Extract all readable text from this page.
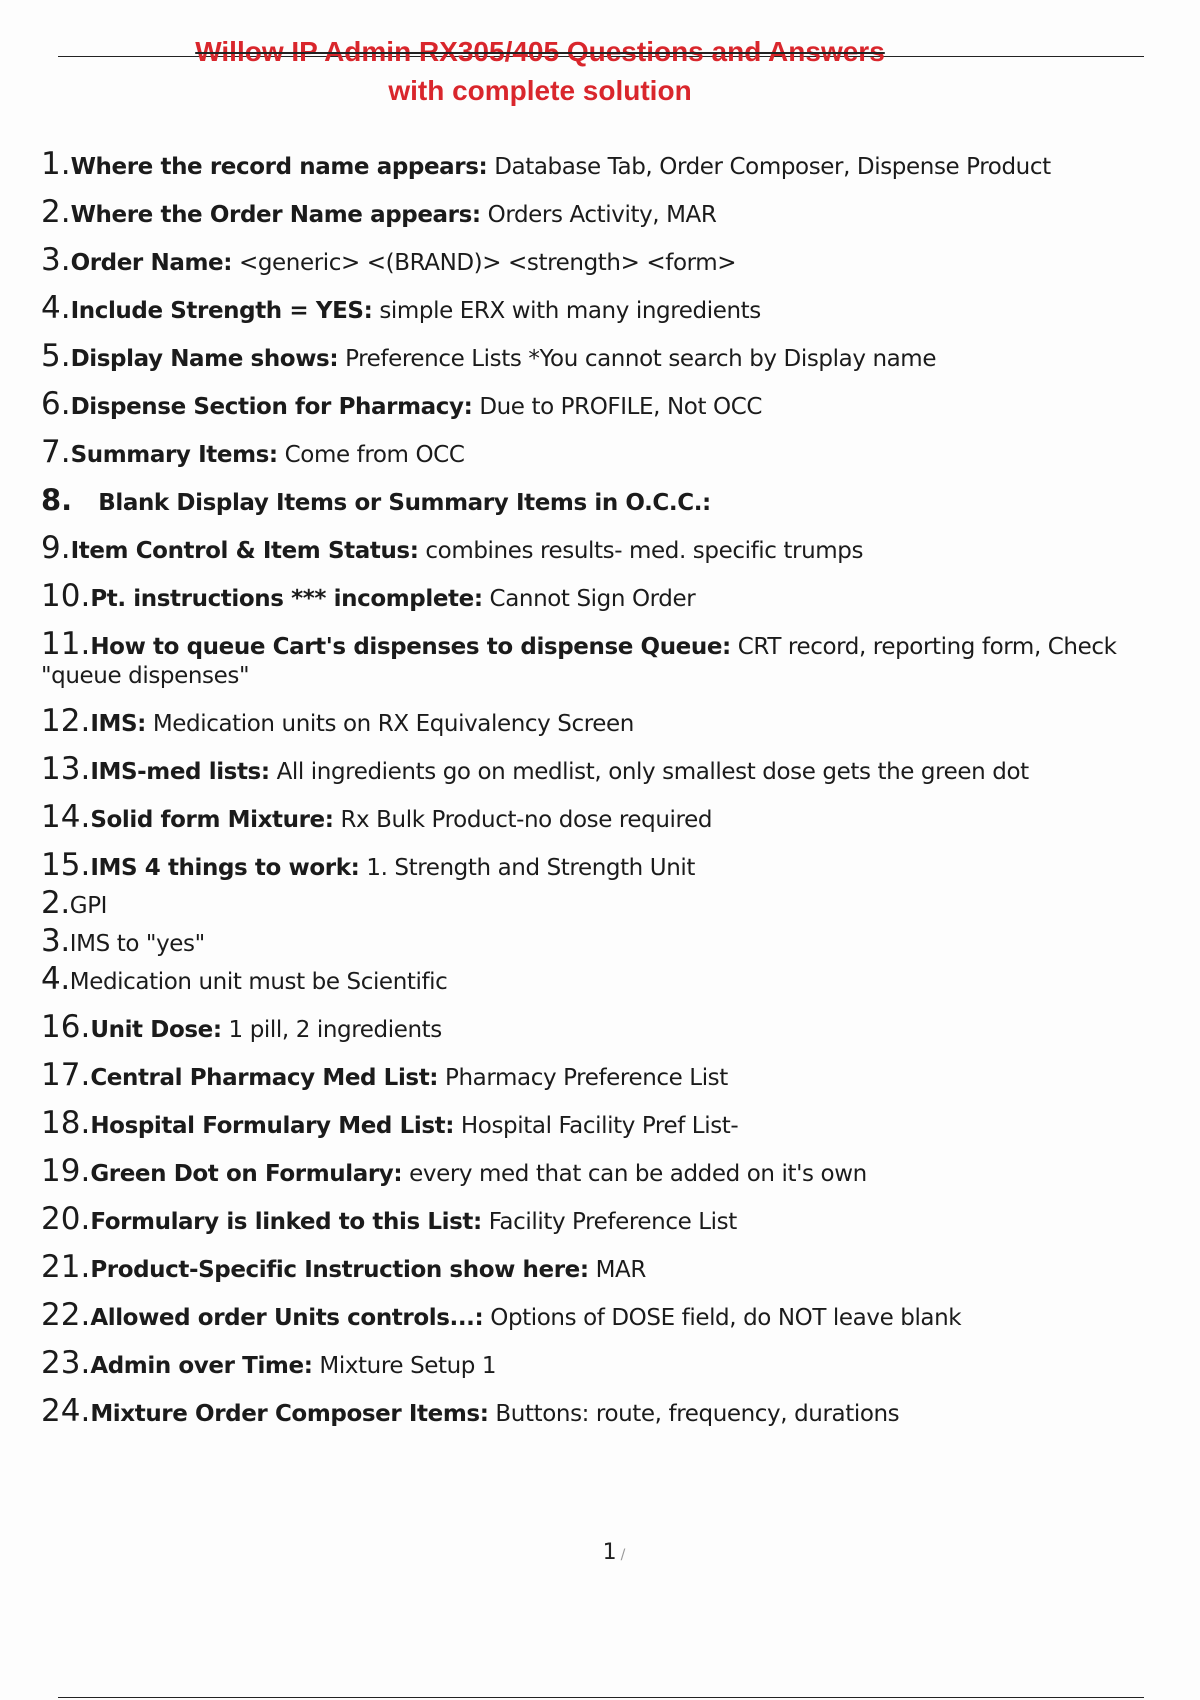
Willow IP Admin RX305/405 Questions and Answers
with complete solution
1.Where the record name appears: Database Tab, Order Composer, Dispense Product
2.Where the Order Name appears: Orders Activity, MAR
3.Order Name: <generic> <(BRAND)> <strength> <form>
4.Include Strength = YES: simple ERX with many ingredients
5.Display Name shows: Preference Lists *You cannot search by Display name
6.Dispense Section for Pharmacy: Due to PROFILE, Not OCC
7.Summary Items: Come from OCC
8. Blank Display Items or Summary Items in O.C.C.:
9.Item Control & Item Status: combines results- med. specific trumps
10.Pt. instructions *** incomplete: Cannot Sign Order
11.How to queue Cart's dispenses to dispense Queue: CRT record, reporting form, Check "queue dispenses"
12.IMS: Medication units on RX Equivalency Screen
13.IMS-med lists: All ingredients go on medlist, only smallest dose gets the green dot
14.Solid form Mixture: Rx Bulk Product-no dose required
15.IMS 4 things to work: 1. Strength and Strength Unit
2.GPI
3.IMS to "yes"
4.Medication unit must be Scientific
16.Unit Dose: 1 pill, 2 ingredients
17.Central Pharmacy Med List: Pharmacy Preference List
18.Hospital Formulary Med List: Hospital Facility Pref List-
19.Green Dot on Formulary: every med that can be added on it's own
20.Formulary is linked to this List: Facility Preference List
21.Product-Specific Instruction show here: MAR
22.Allowed order Units controls...: Options of DOSE field, do NOT leave blank
23.Admin over Time: Mixture Setup 1
24.Mixture Order Composer Items: Buttons: route, frequency, durations
1 /
